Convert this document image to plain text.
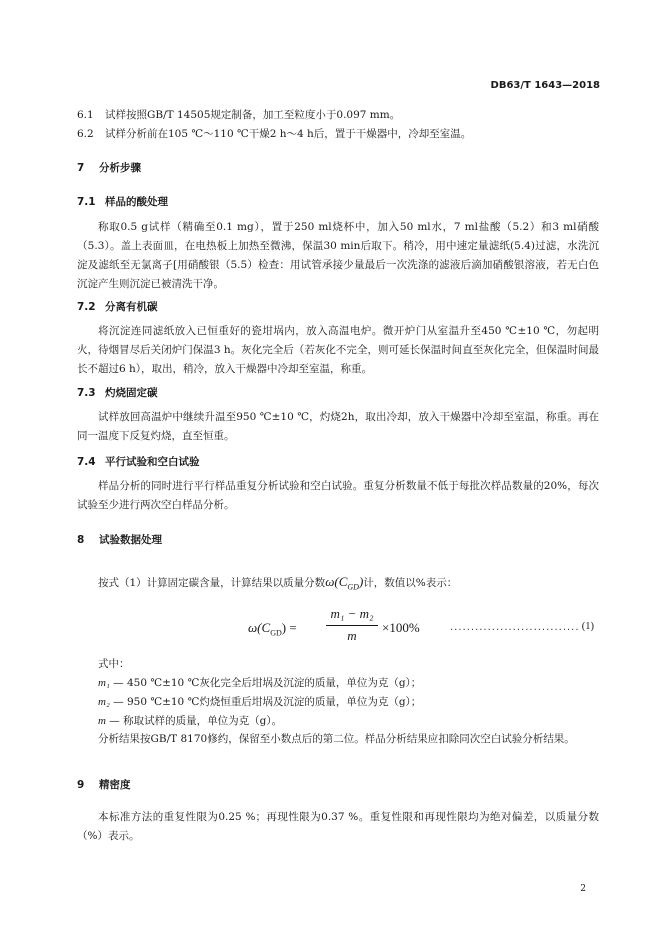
DB63/T 1643—2018
6.1 试样按照GB/T 14505规定制备，加工至粒度小于0.097 mm。
6.2 试样分析前在105 ℃～110 ℃干燥2 h～4 h后，置于干燥器中，冷却至室温。
7 分析步骤
7.1 样品的酸处理
称取0.5 g试样（精确至0.1 mg），置于250 ml烧杯中，加入50 ml水，7 ml盐酸（5.2）和3 ml硝酸（5.3）。盖上表面皿，在电热板上加热至微沸，保温30 min后取下。稍冷，用中速定量滤纸(5.4)过滤，水洗沉淀及滤纸至无氯离子[用硝酸银（5.5）检查：用试管承接少量最后一次洗涤的滤液后滴加硝酸银溶液，若无白色沉淀产生则沉淀已被清洗干净。
7.2 分离有机碳
将沉淀连同滤纸放入已恒重好的瓷坩埚内，放入高温电炉。微开炉门从室温升至450 ℃±10 ℃，勿起明火，待烟冒尽后关闭炉门保温3 h。灰化完全后（若灰化不完全，则可延长保温时间直至灰化完全，但保温时间最长不超过6 h），取出，稍冷，放入干燥器中冷却至室温，称重。
7.3 灼烧固定碳
试样放回高温炉中继续升温至950 ℃±10 ℃，灼烧2h，取出冷却，放入干燥器中冷却至室温，称重。再在同一温度下反复灼烧，直至恒重。
7.4 平行试验和空白试验
样品分析的同时进行平行样品重复分析试验和空白试验。重复分析数量不低于每批次样品数量的20%，每次试验至少进行两次空白样品分析。
8 试验数据处理
按式（1）计算固定碳含量，计算结果以质量分数$\omega(C_{GD})$计，数值以%表示：
$\omega(C_{GD})$ =
m₁ − m₂
m
×100%	............................... (1)
式中：
m₁ — 450 ℃±10 ℃灰化完全后坩埚及沉淀的质量，单位为克（g）；
m₂ — 950 ℃±10 ℃灼烧恒重后坩埚及沉淀的质量，单位为克（g）；
m — 称取试样的质量，单位为克（g）。
分析结果按GB/T 8170修约，保留至小数点后的第二位。样品分析结果应扣除同次空白试验分析结果。
9 精密度
本标准方法的重复性限为0.25 %；再现性限为0.37 %。重复性限和再现性限均为绝对偏差，以质量分数（%）表示。
2
